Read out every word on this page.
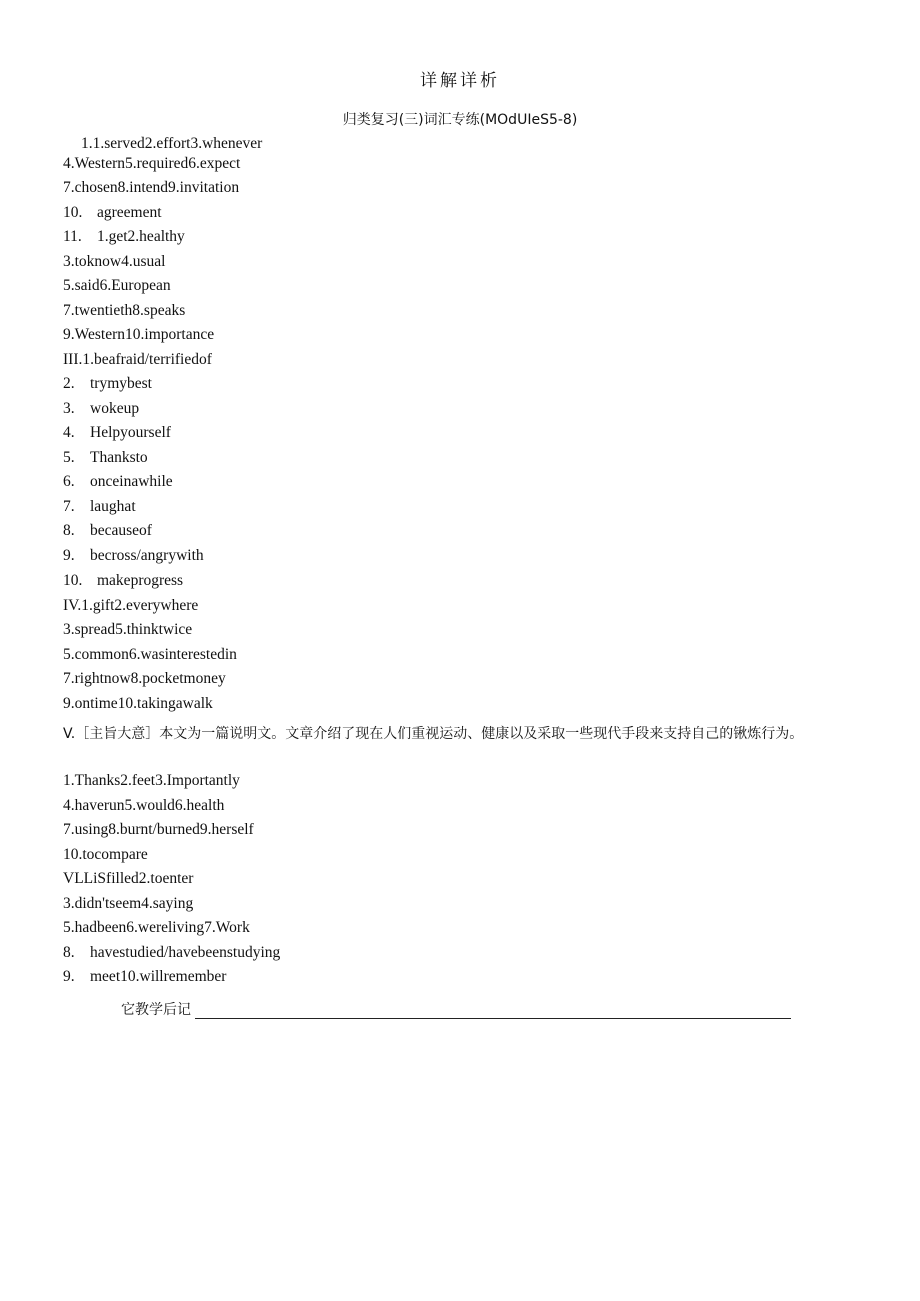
详解详析
归类复习(三)词汇专练(MOdUIeS5-8)
1.1.served2.effort3.whenever
4.Western5.required6.expect
7.chosen8.intend9.invitation
10. agreement
11. 1.get2.healthy
3.toknow4.usual
5.said6.European
7.twentieth8.speaks
9.Western10.importance
III.1.beafraid/terrifiedof
2. trymybest
3. wokeup
4. Helpyourself
5. Thanksto
6. onceinawhile
7. laughat
8. becauseof
9. becross/angrywith
10. makeprogress
IV.1.gift2.everywhere
3.spread5.thinktwice
5.common6.wasinterestedin
7.rightnow8.pocketmoney
9.ontime10.takingawalk
V.［主旨大意］本文为一篇说明文。文章介绍了现在人们重视运动、健康以及采取一些现代手段来支持自己的锹炼行为。
1.Thanks2.feet3.Importantly
4.haverun5.would6.health
7.using8.burnt/burned9.herself
10.tocompare
VLLiSfilled2.toenter
3.didn'tseem4.saying
5.hadbeen6.wereliving7.Work
8. havestudied/havebeenstudying
9. meet10.willremember
它教学后记
